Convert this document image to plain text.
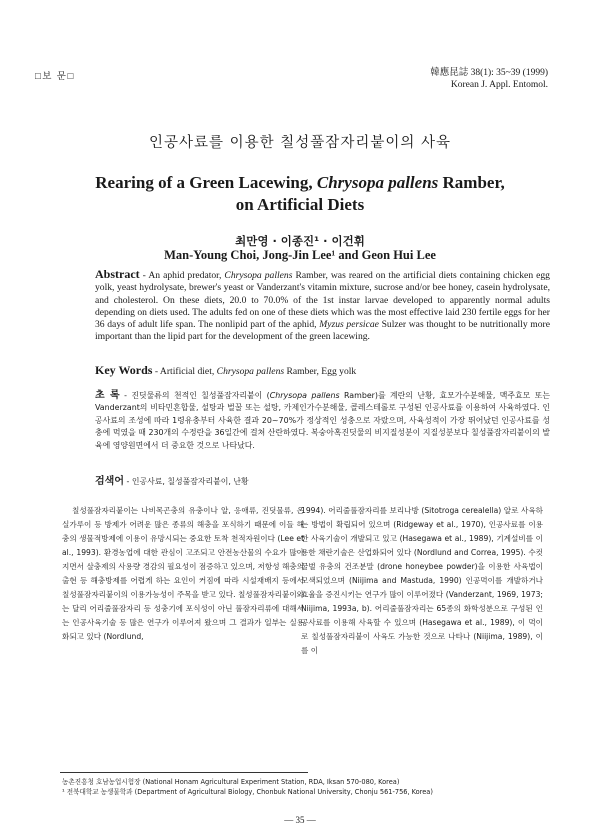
□보 문□	韓應昆誌 38(1): 35~39 (1999)
Korean J. Appl. Entomol.
인공사료를 이용한 칠성풀잠자리붙이의 사육
Rearing of a Green Lacewing, Chrysopa pallens Ramber,
on Artificial Diets
최만영 · 이종진¹ · 이건휘
Man-Young Choi, Jong-Jin Lee¹ and Geon Hui Lee
Abstract - An aphid predator, Chrysopa pallens Ramber, was reared on the artificial diets containing chicken egg yolk, yeast hydrolysate, brewer's yeast or Vanderzant's vitamin mixture, sucrose and/or bee honey, casein hydrolysate, and cholesterol. On these diets, 20.0 to 70.0% of the 1st instar larvae developed to apparently normal adults depending on diets used. The adults fed on one of these diets which was the most effective laid 230 fertile eggs for her 36 days of adult life span. The nonlipid part of the aphid, Myzus persicae Sulzer was thought to be nutritionally more important than the lipid part for the development of the green lacewing.
Key Words - Artificial diet, Chrysopa pallens Ramber, Egg yolk
초 록 - 진딧물류의 천적인 칠성풀잠자리붙이 (Chrysopa pallens Ramber)를 계란의 난황, 효모가수분해물, 맥주효모 또는 Vanderzant의 비타민혼합물, 설탕과 벌꿀 또는 설탕, 카제인가수분해물, 콜레스테롤로 구성된 인공사료를 이용하여 사육하였다. 인공사료의 조성에 따라 1령유충부터 사육한 결과 20~70%가 정상적인 성충으로 자랐으며, 사육성적이 가장 뛰어났던 인공사료를 성충에 먹였을 때 230개의 수정란을 36일간에 걸쳐 산란하였다. 복숭아혹진딧물의 비지질성분이 지질성분보다 칠성풀잠자리붙이의 발육에 영양원면에서 더 중요한 것으로 나타났다.
검색어 - 인공사료, 칠성풀잠자리붙이, 난황
칠성풀잠자리붙이는 나비목곤충의 유충이나 알, 응애류, 진딧물류, 온실가루이 등 방제가 어려운 많은 종류의 해충을 포식하기 때문에 이들 해충의 생물적방제에 이용이 유망시되는 중요한 토착 천적자원이다 (Lee et al., 1993). 환경농업에 대한 관심이 고조되고 안전농산물의 수요가 많아지면서 살충제의 사용량 경감의 필요성이 점증하고 있으며, 저항성 해충의 출현 등 해충방제를 어렵게 하는 요인이 커짐에 따라 시설재배지 등에서 칠성풀잠자리붙이의 이용가능성이 주목을 받고 있다. 칠성풀잠자리붙이와는 달리 어리줄풀잠자리 등 성충기에 포식성이 아닌 풀잠자리류에 대해서는 인공사육기술 등 많은 연구가 이루어져 왔으며 그 결과가 일부는 실용화되고 있다 (Nordlund,
1994). 어리줄풀잠자리를 보리나방 (Sitotroga cerealella) 알로 사육하는 방법이 확립되어 있으며 (Ridgeway et al., 1970), 인공사료를 이용한 사육기술이 개발되고 있고 (Hasegawa et al., 1989), 기계설비를 이용한 채란기술은 산업화되어 있다 (Nordlund and Correa, 1995). 수컷 꿀벌 유충의 건조분말 (drone honeybee powder)을 이용한 사육법이 모색되었으며 (Niijima and Mastuda, 1990) 인공먹이를 개발하거나 효율을 증진시키는 연구가 많이 이루어졌다 (Vanderzant, 1969, 1973; Niijima, 1993a, b). 어리줄풀잠자리는 65종의 화학성분으로 구성된 인공사료를 이용해 사육할 수 있으며 (Hasegawa et al., 1989), 이 먹이로 칠성풀잠자리붙이 사육도 가능한 것으로 나타나 (Niijima, 1989), 이를 이
농촌진흥청 호남농업시험장 (National Honam Agricultural Experiment Station, RDA, Iksan 570-080, Korea)
¹ 전북대학교 농생물학과 (Department of Agricultural Biology, Chonbuk National University, Chonju 561-756, Korea)
— 35 —
